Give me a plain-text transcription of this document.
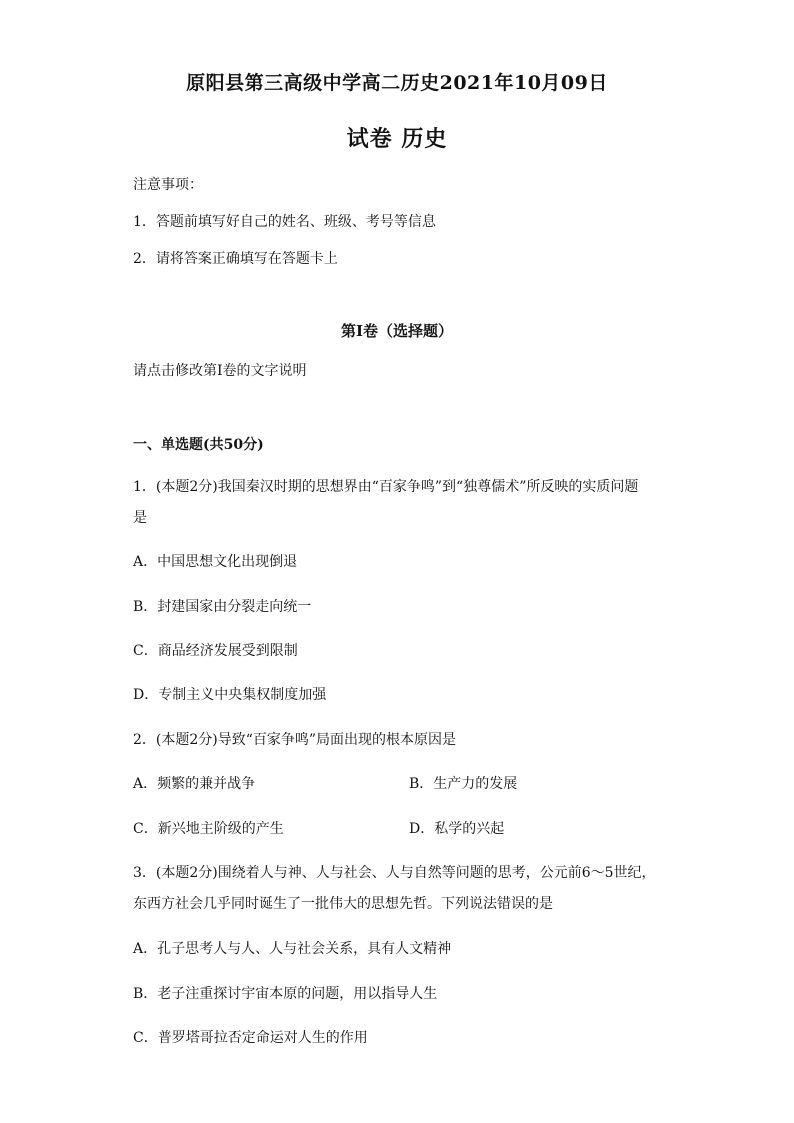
原阳县第三高级中学高二历史2021年10月09日
试卷 历史
注意事项：
1．答题前填写好自己的姓名、班级、考号等信息
2．请将答案正确填写在答题卡上
第I卷（选择题）
请点击修改第I卷的文字说明
一、单选题(共50分)
1．(本题2分)我国秦汉时期的思想界由“百家争鸣”到“独尊儒术”所反映的实质问题
是
A．中国思想文化出现倒退
B．封建国家由分裂走向统一
C．商品经济发展受到限制
D．专制主义中央集权制度加强
2．(本题2分)导致“百家争鸣”局面出现的根本原因是
A．频繁的兼并战争	B．生产力的发展
C．新兴地主阶级的产生	D．私学的兴起
3．(本题2分)围绕着人与神、人与社会、人与自然等问题的思考，公元前6～5世纪，
东西方社会几乎同时诞生了一批伟大的思想先哲。下列说法错误的是
A．孔子思考人与人、人与社会关系，具有人文精神
B．老子注重探讨宇宙本原的问题，用以指导人生
C．普罗塔哥拉否定命运对人生的作用
